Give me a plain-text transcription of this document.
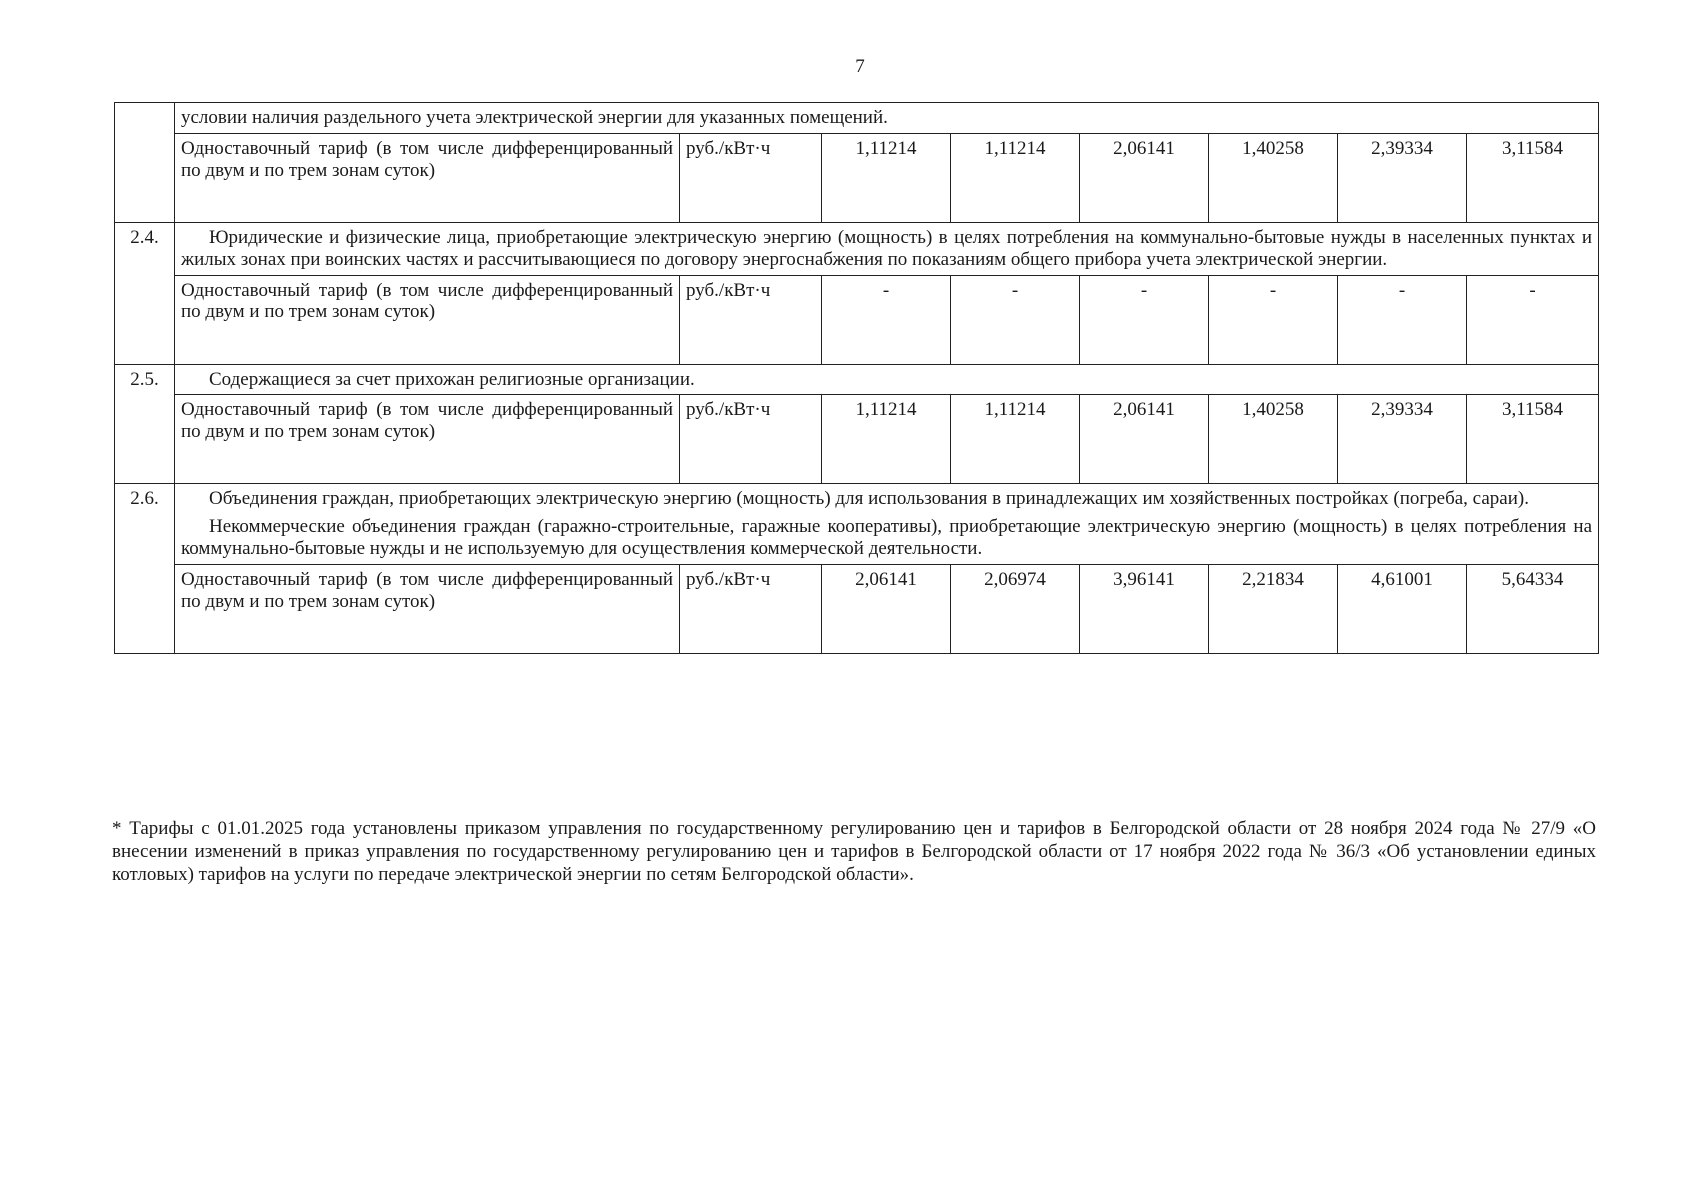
7

	условии наличия раздельного учета электрической энергии для указанных помещений.							

	Одноставочный тариф (в том числе дифференцированный по двум и по трем зонам суток)	руб./кВт·ч	1,11214	1,11214	2,06141	1,40258	2,39334	3,11584
2.4.	Юридические и физические лица, приобретающие электрическую энергию (мощность) в целях потребления на коммунально-бытовые нужды в населенных пунктах и жилых зонах при воинских частях и рассчитывающиеся по договору энергоснабжения по показаниям общего прибора учета электрической энергии.							

	Одноставочный тариф (в том числе дифференцированный по двум и по трем зонам суток)	руб./кВт·ч	-	-	-	-	-	-
2.5.	Содержащиеся за счет прихожан религиозные организации.							

	Одноставочный тариф (в том числе дифференцированный по двум и по трем зонам суток)	руб./кВт·ч	1,11214	1,11214	2,06141	1,40258	2,39334	3,11584
2.6.	Объединения граждан, приобретающих электрическую энергию (мощность) для использования в принадлежащих им хозяйственных постройках (погреба, сараи).

Некоммерческие объединения граждан (гаражно-строительные, гаражные кооперативы), приобретающие электрическую энергию (мощность) в целях потребления на коммунально-бытовые нужды и не используемую для осуществления коммерческой деятельности.							

	Одноставочный тариф (в том числе дифференцированный по двум и по трем зонам суток)	руб./кВт·ч	2,06141	2,06974	3,96141	2,21834	4,61001	5,64334
* Тарифы с 01.01.2025 года установлены приказом управления по государственному регулированию цен и тарифов в Белгородской области от 28 ноября 2024 года № 27/9 «О внесении изменений в приказ управления по государственному регулированию цен и тарифов в Белгородской области от 17 ноября 2022 года № 36/3 «Об установлении единых котловых) тарифов на услуги по передаче электрической энергии по сетям Белгородской области».
